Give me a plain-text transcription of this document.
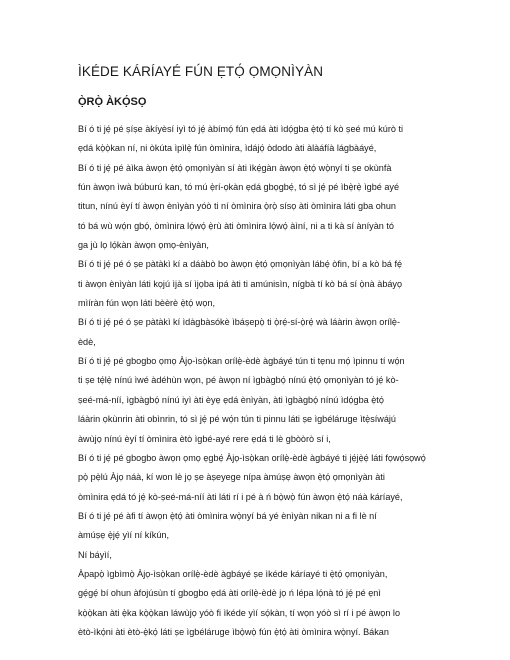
ÌKÉDE KÁRÍAYÉ FÚN ẸTỌ́ ỌMỌNÌYÀN
Ọ̀RỌ̀ ÀKỌ́SỌ

Bí ó ti jẹ́ pé ṣíṣe àkíyèsí iyì tó jẹ́ àbímọ́ fún ẹdá àti ìdọ́gba ẹ̀tọ́ tí kò ṣeé mú kúrò ti

ẹdá kọ̀ọ̀kan ní, ni òkúta ìpìlẹ̀ fún òmìnira, ìdájọ́ òdodo àti àlàáfíà lágbàáyé,

Bí ó ti jẹ́ pé àìka àwọn ẹ̀tọ́ ọmọnìyàn sí àti ìkẹ́gàn àwọn ẹ̀tọ́ wọ̀nyí ti ṣe okùnfà

fún àwọn ìwà búburú kan, tó mú ẹ̀rí-ọkàn ẹdá gbọgbẹ́, tó sì jẹ́ pé ìbẹ̀rẹ̀ ìgbé ayé

titun, nínú èyí tí àwọn ènìyàn yóò ti ní òmìnira ọ̀rọ̀ sísọ àti òmìnira láti gba ohun

tó bá wù wọ́n gbọ́, òmìnira lọ́wọ́ ẹ̀rù àti òmìnira lọ́wọ́ àìní, ni a ti kà sí àníyàn tó

ga jù lọ lọ́kàn àwọn ọmọ-ènìyàn,

Bí ó ti jẹ́ pé ó ṣe pàtàkì kí a dáàbò bo àwọn ẹ̀tọ́ ọmọnìyàn lábẹ́ òfin, bí a kò bá fẹ́

ti àwọn ènìyàn láti kọjú ìjà sí ìjọba ipá àti ti amúnisìn, nígbà tí kò bá sí ọ̀nà àbáyọ

mìíràn fún wọn láti bèèrè ẹ̀tọ́ wọn,

Bí ó ti jẹ́ pé ó ṣe pàtàkì kí ìdàgbàsókè ìbáṣepọ̀ ti ọ̀rẹ́-sí-ọ̀rẹ́ wà láàrin àwọn orílẹ̀-

èdè,

Bí ó ti jẹ́ pé gbogbo ọmọ Àjọ-ìsọ̀kan orílẹ̀-èdè àgbáyé tún ti tẹnu mọ́ ìpinnu tí wọ́n

ti ṣe tẹ́lẹ̀ nínú ìwé àdéhùn wọn, pé àwọn ní ìgbàgbọ́ nínú ẹ̀tọ́ ọmọnìyàn tó jẹ́ kò-

ṣeé-má-níí, ìgbàgbọ́ nínú iyì àti èyẹ ẹdá ènìyàn, àti ìgbàgbọ́ nínú ìdọ́gba ẹ̀tọ́

láàrin ọkùnrin àti obìnrin, tó sì jẹ́ pé wọ́n tún ti pinnu láti ṣe ìgbéláruge ìtẹ̀síwájú

àwùjọ nínú èyí tí òmìnira ètò ìgbé-ayé rere ẹdá ti lè gbòòrò sí i,

Bí ó ti jẹ́ pé gbogbo àwọn ọmọ ẹgbẹ́ Àjọ-ìsọ̀kan orílẹ̀-èdè àgbáyé ti jẹ́jẹ̀ẹ́ láti fọwọ́sọwọ́

pọ̀ pẹ̀lú Àjọ náà, kí won lè jọ ṣe àṣeyege nípa àmúṣẹ àwọn ẹ̀tọ́ ọmọnìyàn àti

òmìnira ẹdá tó jẹ́ kò-ṣeé-má-níí àti láti rí i pé à ń bọ̀wọ̀ fún àwọn ẹ̀tọ́ náà káríayé,

Bí ó ti jẹ́ pé àfi tí àwọn ẹ̀tọ́ àti òmìnira wọ̀nyí bá yé ènìyàn nikan ni a fi lè ní

àmúṣẹ ẹ̀jẹ́ yìí ní kíkún,

Ní báyìí,

Àpapọ̀ ìgbìmọ̀ Àjọ-ìsọ̀kan orílẹ̀-èdè àgbáyé ṣe ìkéde káríayé ti ẹ̀tọ́ ọmọnìyàn,

gẹ́gẹ́ bí ohun àfojúsùn tí gbogbo ẹdá àti orílẹ̀-èdè jọ ń lépa lọ́nà tó jẹ́ pé ẹnì

kọ̀ọ̀kan àti ẹ̀ka kọ̀ọ̀kan láwùjọ yóò fi ìkéde yìí sọ́kàn, tí wọn yóò sì rí i pé àwọn lo

ètò-ìkọ́ni àti ètò-ẹ̀kọ́ láti ṣe ìgbéláruge ìbọ̀wọ̀ fún ẹ̀tọ́ àti òmìnira wọ̀nyí. Bákan
